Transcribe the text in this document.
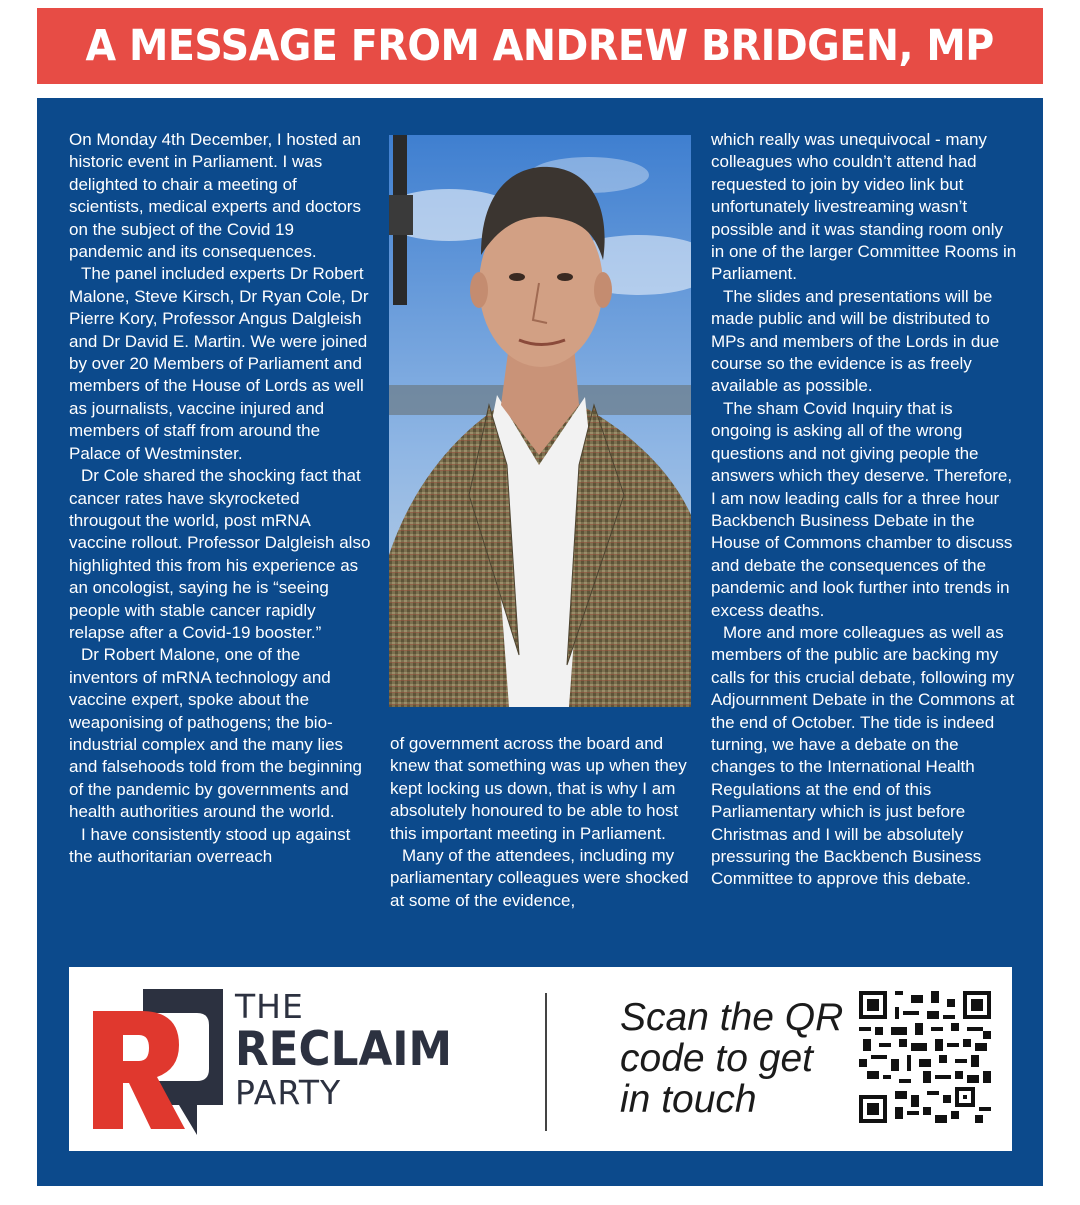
A MESSAGE FROM ANDREW BRIDGEN, MP

On Monday 4th December, I hosted an historic event in Parliament. I was delighted to chair a meeting of scientists, medical experts and doctors on the subject of the Covid 19 pandemic and its consequences.

The panel included experts Dr Robert Malone, Steve Kirsch, Dr Ryan Cole, Dr Pierre Kory, Professor Angus Dalgleish and Dr David E. Martin. We were joined by over 20 Members of Parliament and members of the House of Lords as well as journalists, vaccine injured and members of staff from around the Palace of Westminster.

Dr Cole shared the shocking fact that cancer rates have skyrocketed througout the world, post mRNA vaccine rollout. Professor Dalgleish also highlighted this from his experience as an oncologist, saying he is “seeing people with stable cancer rapidly relapse after a Covid-19 booster.”

Dr Robert Malone, one of the inventors of mRNA technology and vaccine expert, spoke about the weaponising of pathogens; the bio-industrial complex and the many lies and falsehoods told from the beginning of the pandemic by governments and health authorities around the world.

I have consistently stood up against the authoritarian overreach

of government across the board and knew that something was up when they kept locking us down, that is why I am absolutely honoured to be able to host this important meeting in Parliament.

Many of the attendees, including my parliamentary colleagues were shocked at some of the evidence,

which really was unequivocal - many colleagues who couldn’t attend had requested to join by video link but unfortunately livestreaming wasn’t possible and it was standing room only in one of the larger Committee Rooms in Parliament.

The slides and presentations will be made public and will be distributed to MPs and members of the Lords in due course so the evidence is as freely available as possible.

The sham Covid Inquiry that is ongoing is asking all of the wrong questions and not giving people the answers which they deserve. Therefore, I am now leading calls for a three hour Backbench Business Debate in the House of Commons chamber to discuss and debate the consequences of the pandemic and look further into trends in excess deaths.

More and more colleagues as well as members of the public are backing my calls for this crucial debate, following my Adjournment Debate in the Commons at the end of October. The tide is indeed turning, we have a debate on the changes to the International Health Regulations at the end of this Parliamentary which is just before Christmas and I will be absolutely pressuring the Backbench Business Committee to approve this debate.

THE
RECLAIM
PARTY
Scan the QR code to get in touch
